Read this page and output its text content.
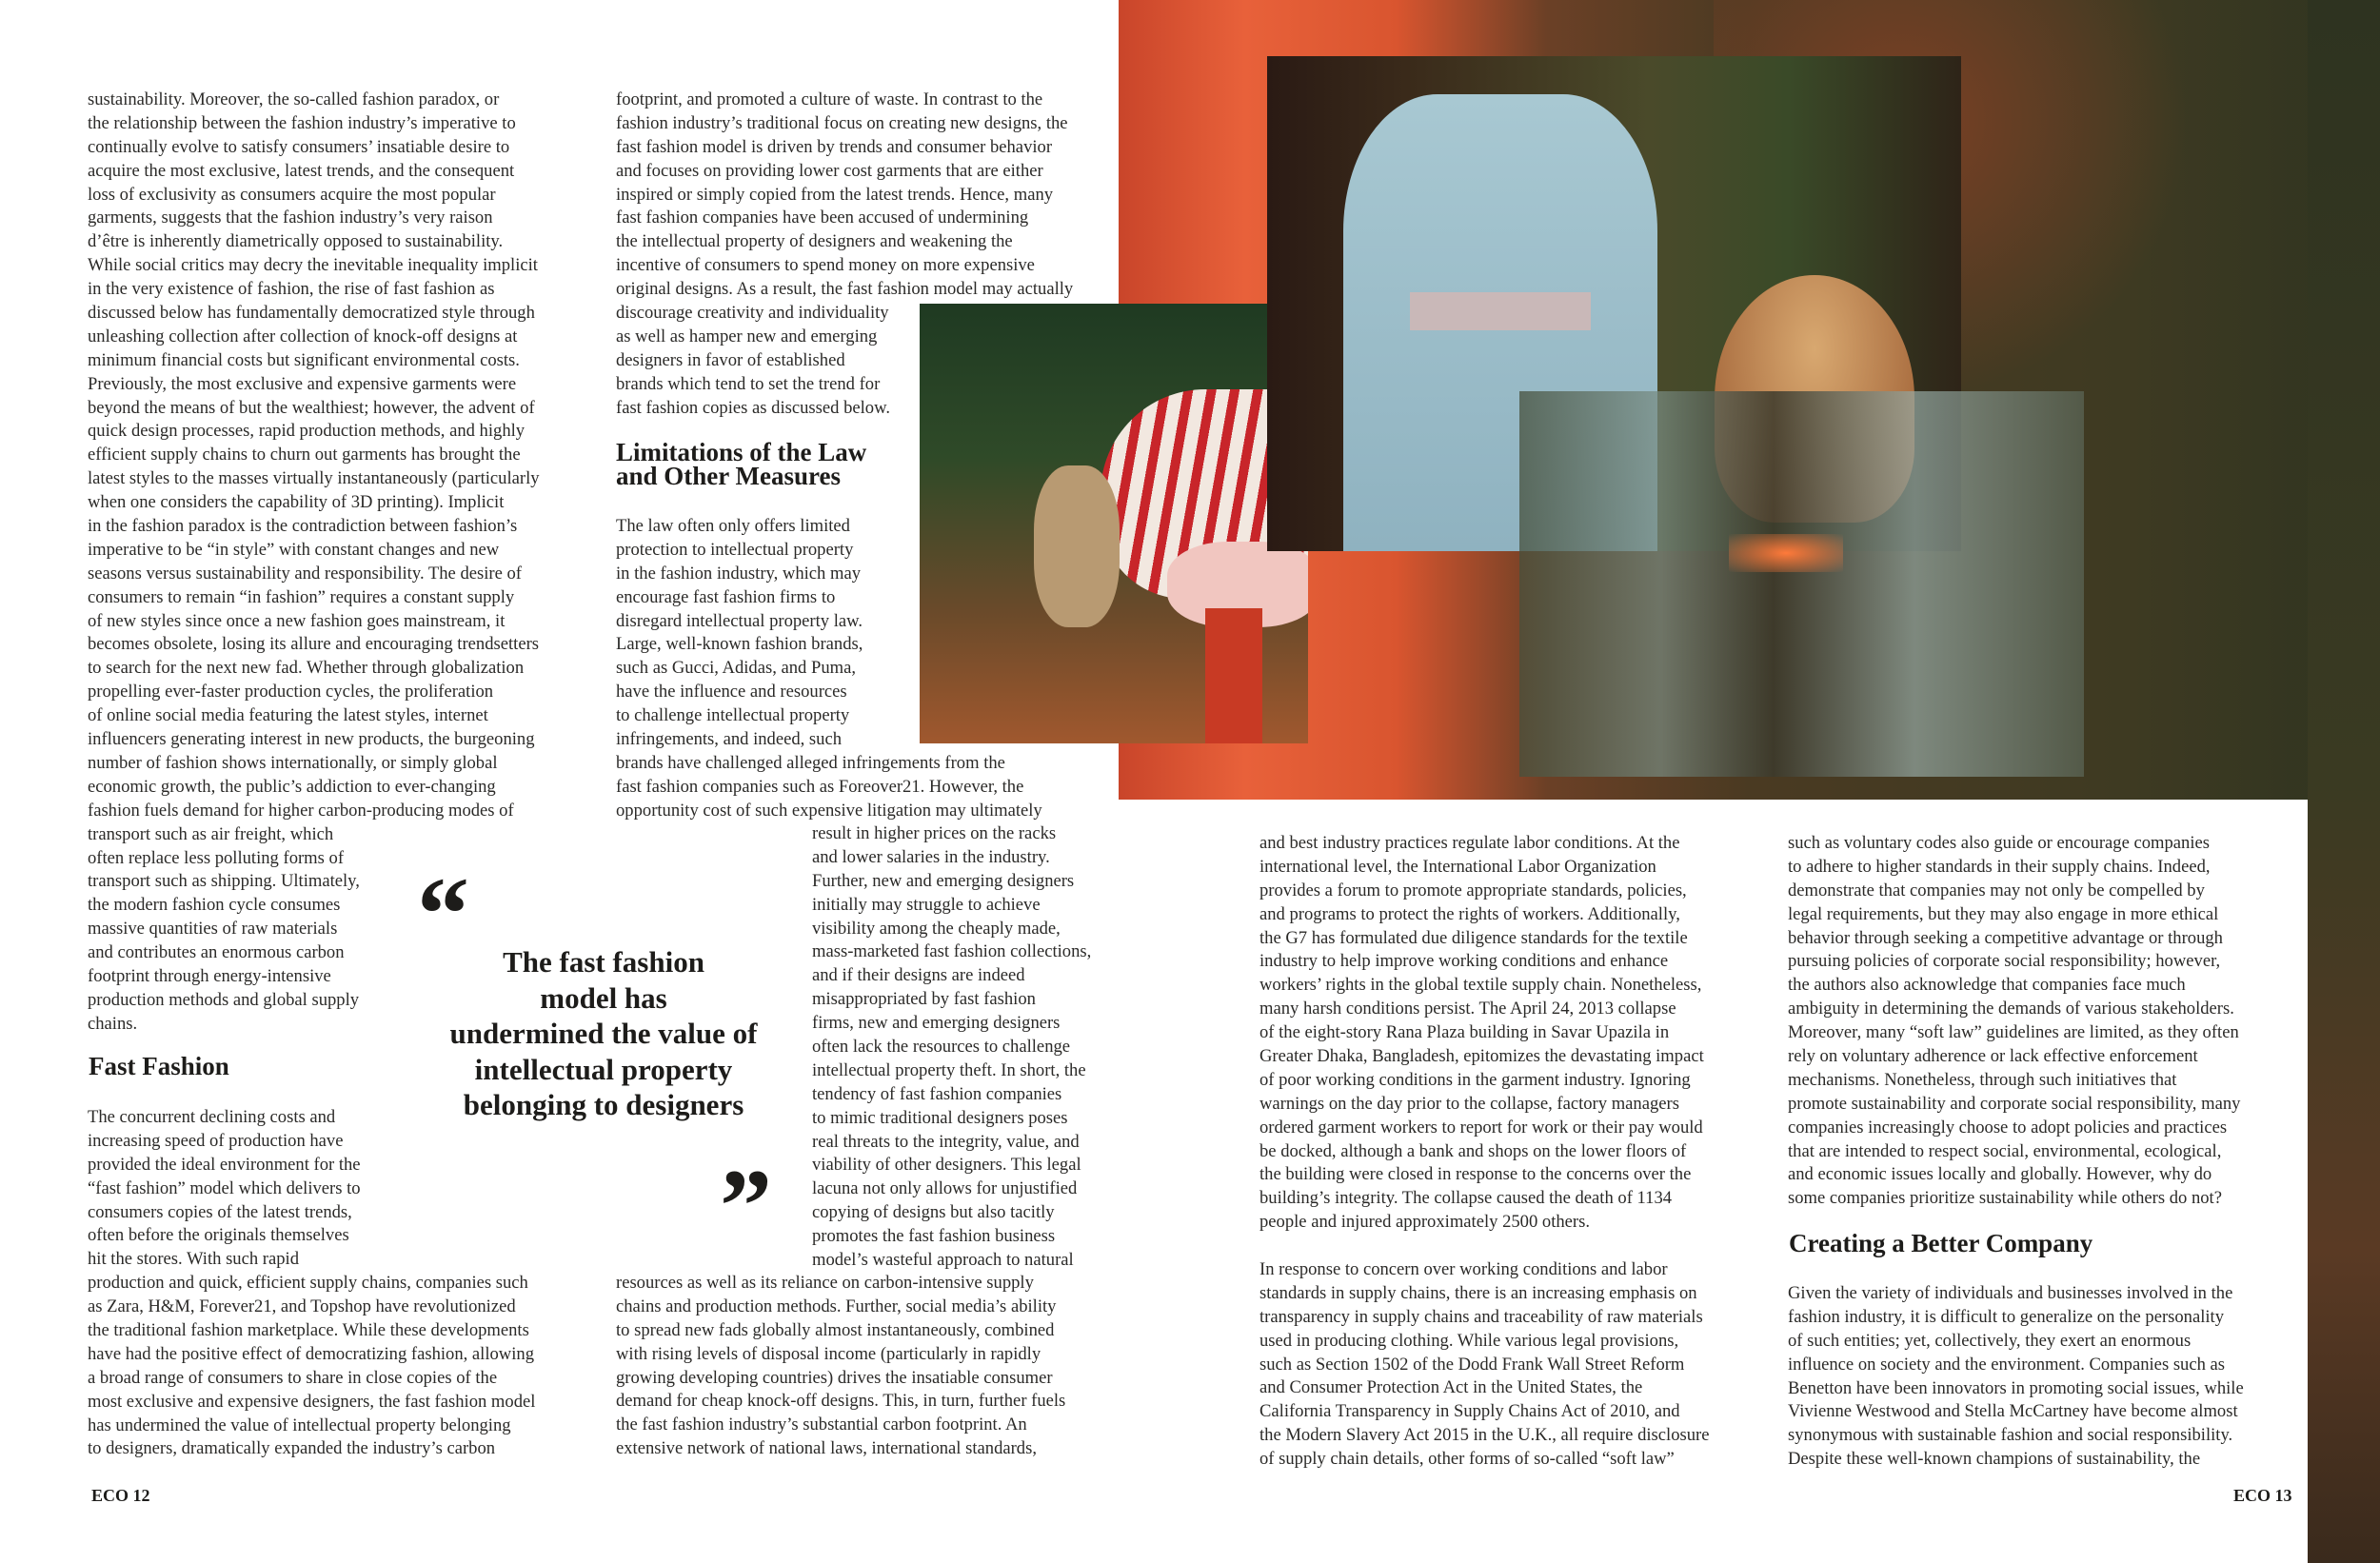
sustainability. Moreover, the so-called fashion paradox, or
the relationship between the fashion industry’s imperative to
continually evolve to satisfy consumers’ insatiable desire to
acquire the most exclusive, latest trends, and the consequent
loss of exclusivity as consumers acquire the most popular
garments, suggests that the fashion industry’s very raison
d’être is inherently diametrically opposed to sustainability.
While social critics may decry the inevitable inequality implicit
in the very existence of fashion, the rise of fast fashion as
discussed below has fundamentally democratized style through
unleashing collection after collection of knock-off designs at
minimum financial costs but significant environmental costs.
Previously, the most exclusive and expensive garments were
beyond the means of but the wealthiest; however, the advent of
quick design processes, rapid production methods, and highly
efficient supply chains to churn out garments has brought the
latest styles to the masses virtually instantaneously (particularly
when one considers the capability of 3D printing). Implicit
in the fashion paradox is the contradiction between fashion’s
imperative to be “in style” with constant changes and new
seasons versus sustainability and responsibility. The desire of
consumers to remain “in fashion” requires a constant supply
of new styles since once a new fashion goes mainstream, it
becomes obsolete, losing its allure and encouraging trendsetters
to search for the next new fad. Whether through globalization
propelling ever-faster production cycles, the proliferation
of online social media featuring the latest styles, internet
influencers generating interest in new products, the burgeoning
number of fashion shows internationally, or simply global
economic growth, the public’s addiction to ever-changing
fashion fuels demand for higher carbon-producing modes of
transport such as air freight, which
often replace less polluting forms of
transport such as shipping. Ultimately,
the modern fashion cycle consumes
massive quantities of raw materials
and contributes an enormous carbon
footprint through energy-intensive
production methods and global supply
chains.
Fast Fashion
The concurrent declining costs and
increasing speed of production have
provided the ideal environment for the
“fast fashion” model which delivers to
consumers copies of the latest trends,
often before the originals themselves
hit the stores. With such rapid
production and quick, efficient supply chains, companies such
as Zara, H&M, Forever21, and Topshop have revolutionized
the traditional fashion marketplace. While these developments
have had the positive effect of democratizing fashion, allowing
a broad range of consumers to share in close copies of the
most exclusive and expensive designers, the fast fashion model
has undermined the value of intellectual property belonging
to designers, dramatically expanded the industry’s carbon
footprint, and promoted a culture of waste. In contrast to the
fashion industry’s traditional focus on creating new designs, the
fast fashion model is driven by trends and consumer behavior
and focuses on providing lower cost garments that are either
inspired or simply copied from the latest trends. Hence, many
fast fashion companies have been accused of undermining
the intellectual property of designers and weakening the
incentive of consumers to spend money on more expensive
original designs. As a result, the fast fashion model may actually
discourage creativity and individuality
as well as hamper new and emerging
designers in favor of established
brands which tend to set the trend for
fast fashion copies as discussed below.
Limitations of the Law
and Other Measures
The law often only offers limited
protection to intellectual property
in the fashion industry, which may
encourage fast fashion firms to
disregard intellectual property law.
Large, well-known fashion brands,
such as Gucci, Adidas, and Puma,
have the influence and resources
to challenge intellectual property
infringements, and indeed, such
brands have challenged alleged infringements from the
fast fashion companies such as Foreover21. However, the
opportunity cost of such expensive litigation may ultimately
result in higher prices on the racks
and lower salaries in the industry.
Further, new and emerging designers
initially may struggle to achieve
visibility among the cheaply made,
mass-marketed fast fashion collections,
and if their designs are indeed
misappropriated by fast fashion
firms, new and emerging designers
often lack the resources to challenge
intellectual property theft. In short, the
tendency of fast fashion companies
to mimic traditional designers poses
real threats to the integrity, value, and
viability of other designers. This legal
lacuna not only allows for unjustified
copying of designs but also tacitly
promotes the fast fashion business
model’s wasteful approach to natural
resources as well as its reliance on carbon-intensive supply
chains and production methods. Further, social media’s ability
to spread new fads globally almost instantaneously, combined
with rising levels of disposal income (particularly in rapidly
growing developing countries) drives the insatiable consumer
demand for cheap knock-off designs. This, in turn, further fuels
the fast fashion industry’s substantial carbon footprint. An
extensive network of national laws, international standards,
“	The fast fashion
model has
undermined the value of
intellectual property
belonging to designers
”
ECO 12
and best industry practices regulate labor conditions. At the
international level, the International Labor Organization
provides a forum to promote appropriate standards, policies,
and programs to protect the rights of workers. Additionally,
the G7 has formulated due diligence standards for the textile
industry to help improve working conditions and enhance
workers’ rights in the global textile supply chain. Nonetheless,
many harsh conditions persist. The April 24, 2013 collapse
of the eight-story Rana Plaza building in Savar Upazila in
Greater Dhaka, Bangladesh, epitomizes the devastating impact
of poor working conditions in the garment industry. Ignoring
warnings on the day prior to the collapse, factory managers
ordered garment workers to report for work or their pay would
be docked, although a bank and shops on the lower floors of
the building were closed in response to the concerns over the
building’s integrity. The collapse caused the death of 1134
people and injured approximately 2500 others.
In response to concern over working conditions and labor
standards in supply chains, there is an increasing emphasis on
transparency in supply chains and traceability of raw materials
used in producing clothing. While various legal provisions,
such as Section 1502 of the Dodd Frank Wall Street Reform
and Consumer Protection Act in the United States, the
California Transparency in Supply Chains Act of 2010, and
the Modern Slavery Act 2015 in the U.K., all require disclosure
of supply chain details, other forms of so-called “soft law”
such as voluntary codes also guide or encourage companies
to adhere to higher standards in their supply chains. Indeed,
demonstrate that companies may not only be compelled by
legal requirements, but they may also engage in more ethical
behavior through seeking a competitive advantage or through
pursuing policies of corporate social responsibility; however,
the authors also acknowledge that companies face much
ambiguity in determining the demands of various stakeholders.
Moreover, many “soft law” guidelines are limited, as they often
rely on voluntary adherence or lack effective enforcement
mechanisms. Nonetheless, through such initiatives that
promote sustainability and corporate social responsibility, many
companies increasingly choose to adopt policies and practices
that are intended to respect social, environmental, ecological,
and economic issues locally and globally. However, why do
some companies prioritize sustainability while others do not?
Creating a Better Company
Given the variety of individuals and businesses involved in the
fashion industry, it is difficult to generalize on the personality
of such entities; yet, collectively, they exert an enormous
influence on society and the environment. Companies such as
Benetton have been innovators in promoting social issues, while
Vivienne Westwood and Stella McCartney have become almost
synonymous with sustainable fashion and social responsibility.
Despite these well-known champions of sustainability, the
ECO 13
